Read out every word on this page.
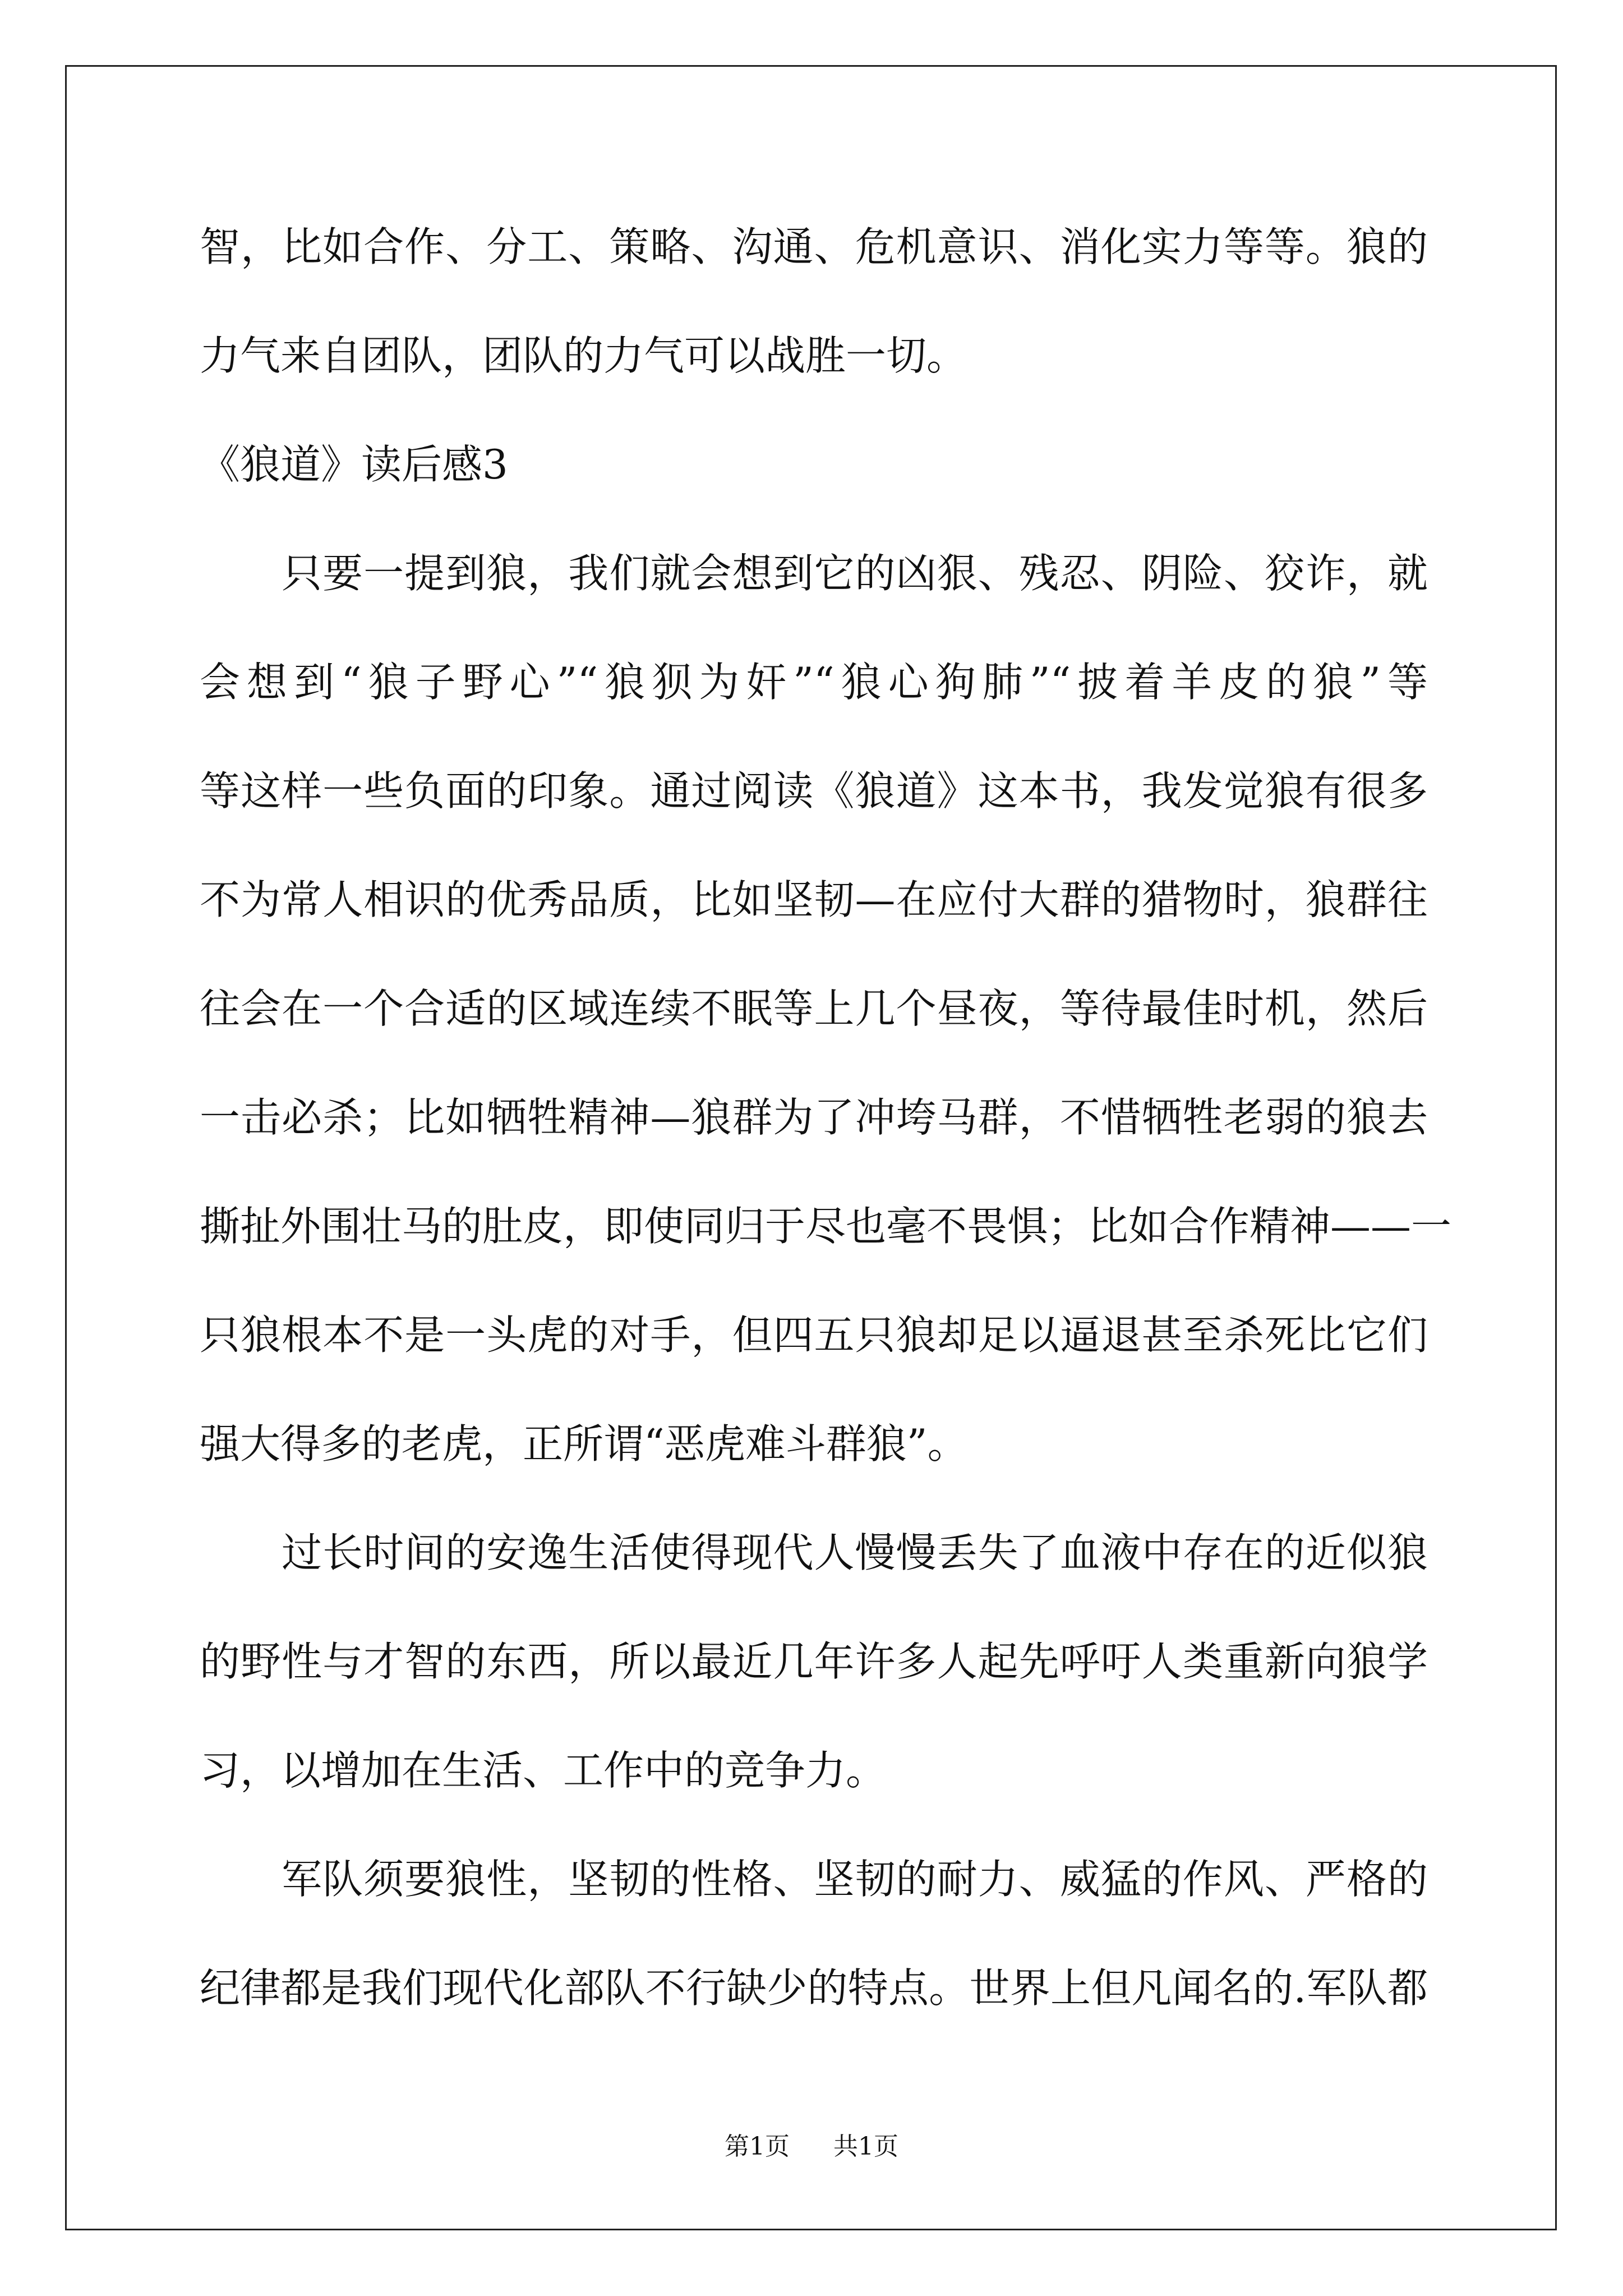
智，比如合作、分工、策略、沟通、危机意识、消化实力等等。狼的
力气来自团队，团队的力气可以战胜一切。
《狼道》读后感3
　　只要一提到狼，我们就会想到它的凶狠、残忍、阴险、狡诈，就
会想到“狼子野心”“狼狈为奸”“狼心狗肺”“披着羊皮的狼”等
等这样一些负面的印象。通过阅读《狼道》这本书，我发觉狼有很多
不为常人相识的优秀品质，比如坚韧—在应付大群的猎物时，狼群往
往会在一个合适的区域连续不眠等上几个昼夜，等待最佳时机，然后
一击必杀；比如牺牲精神—狼群为了冲垮马群，不惜牺牲老弱的狼去
撕扯外围壮马的肚皮，即使同归于尽也毫不畏惧；比如合作精神——一
只狼根本不是一头虎的对手，但四五只狼却足以逼退甚至杀死比它们
强大得多的老虎，正所谓“恶虎难斗群狼”。
　　过长时间的安逸生活使得现代人慢慢丢失了血液中存在的近似狼
的野性与才智的东西，所以最近几年许多人起先呼吁人类重新向狼学
习，以增加在生活、工作中的竞争力。
　　军队须要狼性，坚韧的性格、坚韧的耐力、威猛的作风、严格的
纪律都是我们现代化部队不行缺少的特点。世界上但凡闻名的.军队都
第1页 共1页
